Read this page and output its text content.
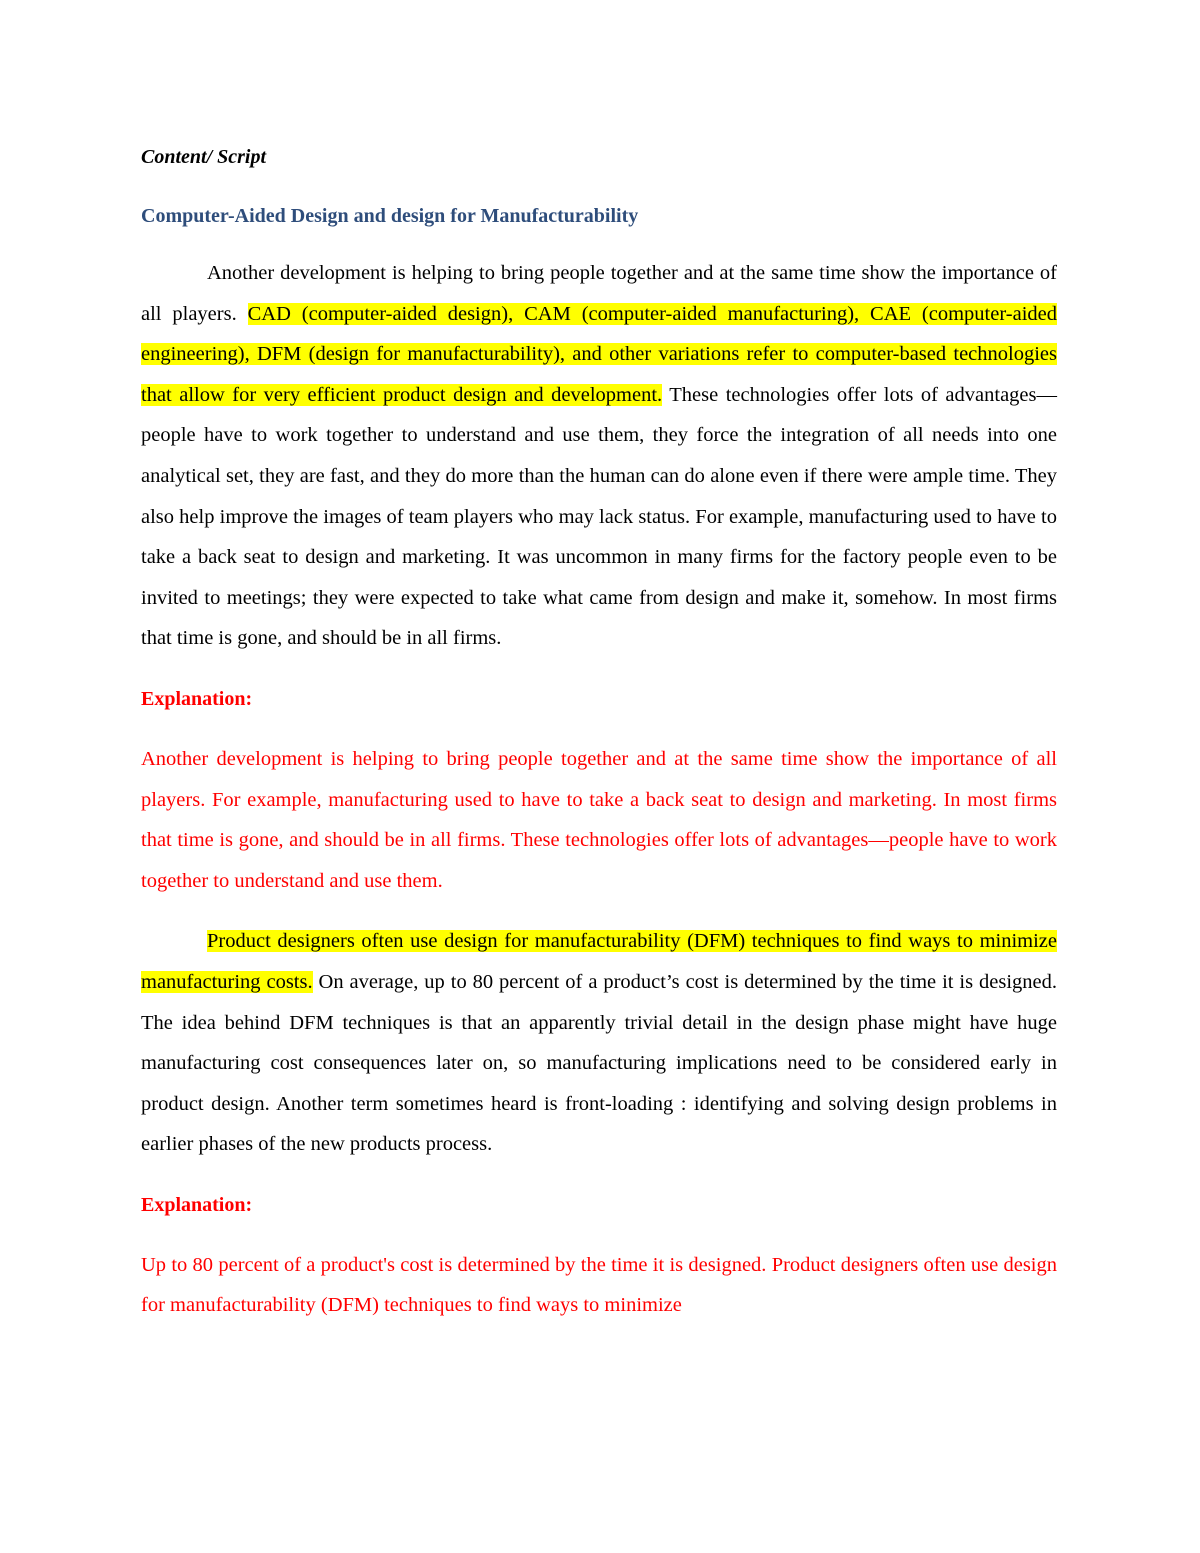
Content/ Script
Computer-Aided Design and design for Manufacturability

Another development is helping to bring people together and at the same time show the importance of all players. CAD (computer-aided design), CAM (computer-aided manufacturing), CAE (computer-aided engineering), DFM (design for manufacturability), and other variations refer to computer-based technologies that allow for very efficient product design and development. These technologies offer lots of advantages—people have to work together to understand and use them, they force the integration of all needs into one analytical set, they are fast, and they do more than the human can do alone even if there were ample time. They also help improve the images of team players who may lack status. For example, manufacturing used to have to take a back seat to design and marketing. It was uncommon in many firms for the factory people even to be invited to meetings; they were expected to take what came from design and make it, somehow. In most firms that time is gone, and should be in all firms.

Explanation:

Another development is helping to bring people together and at the same time show the importance of all players. For example, manufacturing used to have to take a back seat to design and marketing. In most firms that time is gone, and should be in all firms. These technologies offer lots of advantages—people have to work together to understand and use them.

Product designers often use design for manufacturability (DFM) techniques to find ways to minimize manufacturing costs. On average, up to 80 percent of a product’s cost is determined by the time it is designed. The idea behind DFM techniques is that an apparently trivial detail in the design phase might have huge manufacturing cost consequences later on, so manufacturing implications need to be considered early in product design. Another term sometimes heard is front-loading : identifying and solving design problems in earlier phases of the new products process.

Explanation:

Up to 80 percent of a product's cost is determined by the time it is designed. Product designers often use design for manufacturability (DFM) techniques to find ways to minimize
